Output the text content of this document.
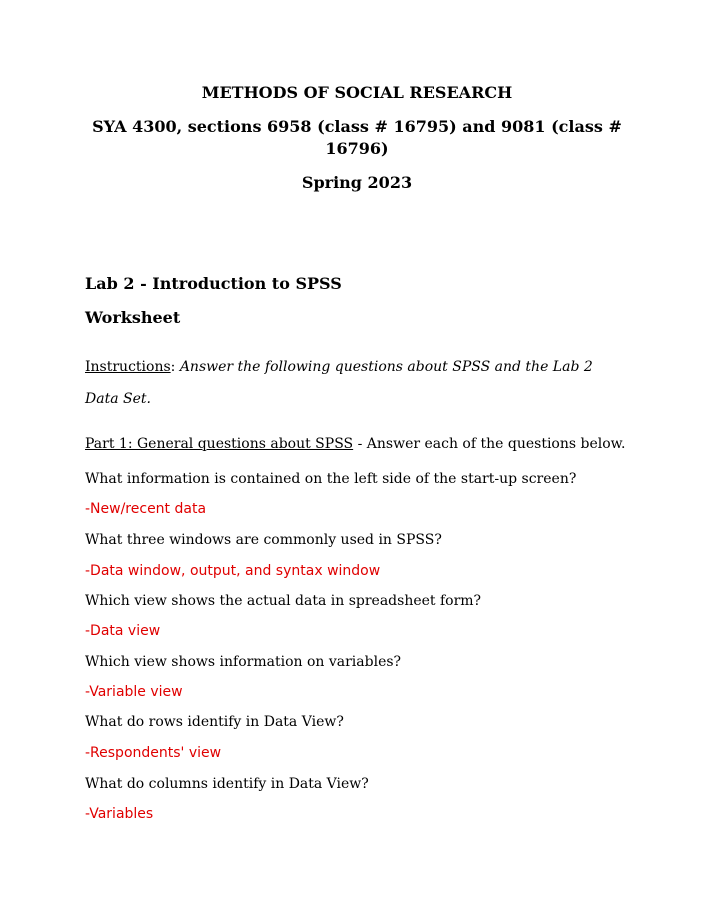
METHODS OF SOCIAL RESEARCH
SYA 4300, sections 6958 (class # 16795) and 9081 (class # 16796)
Spring 2023
Lab 2 - Introduction to SPSS
Worksheet
Instructions: Answer the following questions about SPSS and the Lab 2
Data Set.
Part 1: General questions about SPSS - Answer each of the questions below.
What information is contained on the left side of the start-up screen?
-New/recent data
What three windows are commonly used in SPSS?
-Data window, output, and syntax window
Which view shows the actual data in spreadsheet form?
-Data view
Which view shows information on variables?
-Variable view
What do rows identify in Data View?
-Respondents' view
What do columns identify in Data View?
-Variables
